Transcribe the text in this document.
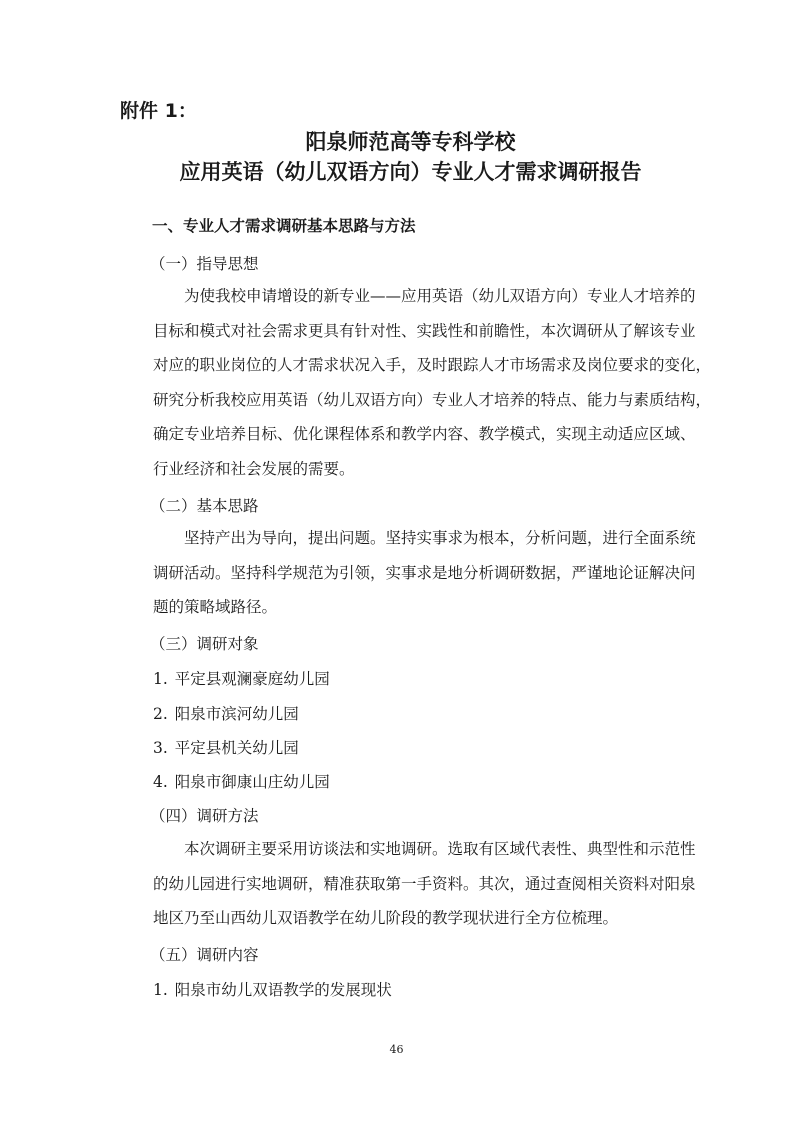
附件 1：

阳泉师范高等专科学校

应用英语（幼儿双语方向）专业人才需求调研报告

一、专业人才需求调研基本思路与方法

（一）指导思想

为使我校申请增设的新专业——应用英语（幼儿双语方向）专业人才培养的
目标和模式对社会需求更具有针对性、实践性和前瞻性，本次调研从了解该专业
对应的职业岗位的人才需求状况入手，及时跟踪人才市场需求及岗位要求的变化，
研究分析我校应用英语（幼儿双语方向）专业人才培养的特点、能力与素质结构，
确定专业培养目标、优化课程体系和教学内容、教学模式，实现主动适应区域、
行业经济和社会发展的需要。

（二）基本思路

坚持产出为导向，提出问题。坚持实事求为根本，分析问题，进行全面系统
调研活动。坚持科学规范为引领，实事求是地分析调研数据，严谨地论证解决问
题的策略域路径。

（三）调研对象

1. 平定县观澜豪庭幼儿园

2. 阳泉市滨河幼儿园

3. 平定县机关幼儿园

4. 阳泉市御康山庄幼儿园

（四）调研方法

本次调研主要采用访谈法和实地调研。选取有区域代表性、典型性和示范性
的幼儿园进行实地调研，精准获取第一手资料。其次，通过查阅相关资料对阳泉
地区乃至山西幼儿双语教学在幼儿阶段的教学现状进行全方位梳理。

（五）调研内容

1. 阳泉市幼儿双语教学的发展现状

46
